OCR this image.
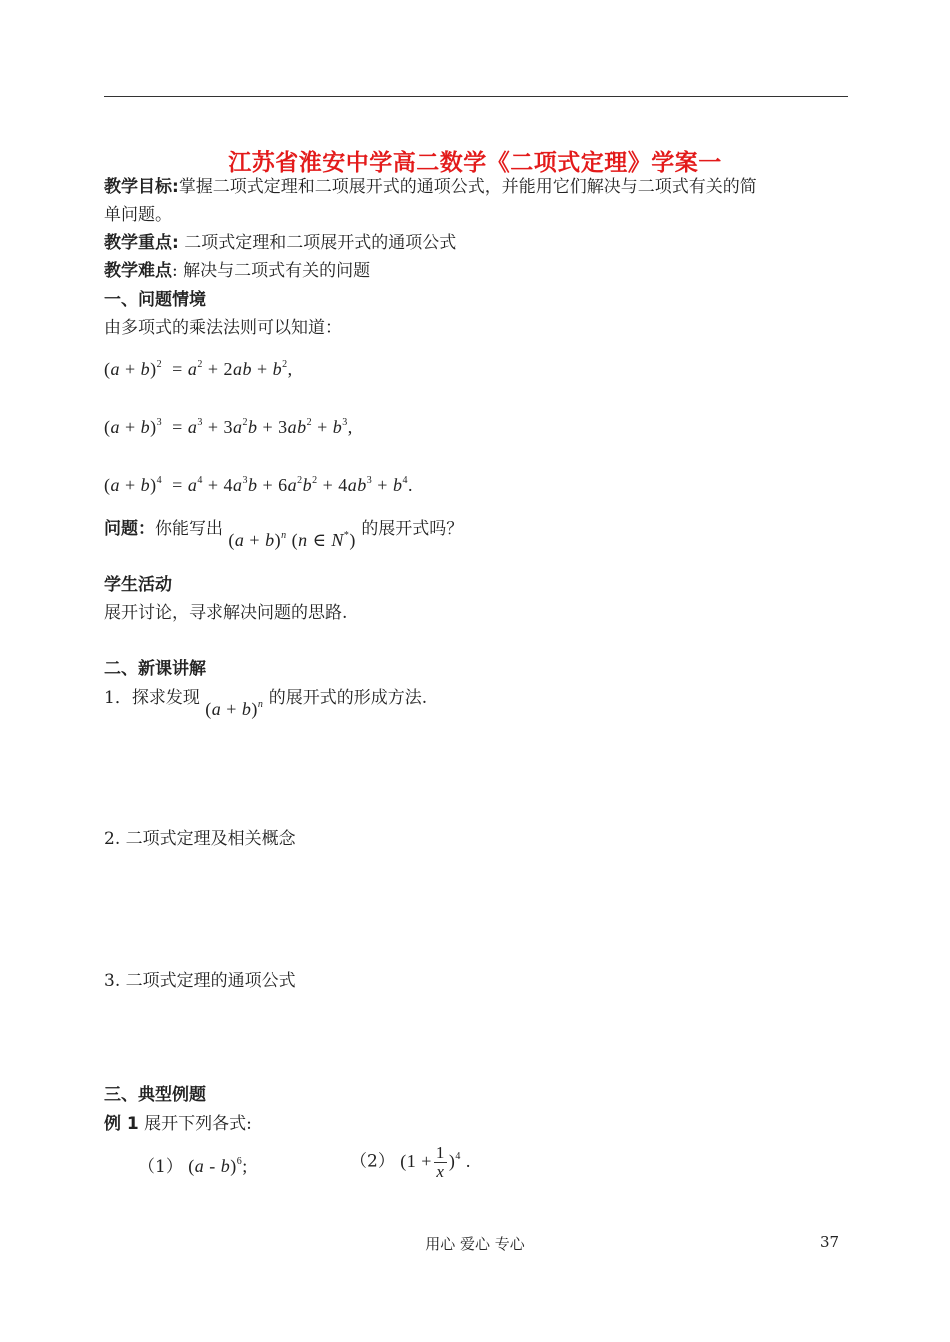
江苏省淮安中学高二数学《二项式定理》学案一
教学目标:掌握二项式定理和二项展开式的通项公式，并能用它们解决与二项式有关的简
单问题。
教学重点: 二项式定理和二项展开式的通项公式
教学难点: 解决与二项式有关的问题
一、问题情境
由多项式的乘法法则可以知道：
$(a + b)^2 = a^2 + 2ab + b^2$,
$(a + b)^3 = a^3 + 3a^2b + 3ab^2 + b^3$,
$(a + b)^4 = a^4 + 4a^3b + 6a^2b^2 + 4ab^3 + b^4$.
问题：你能写出 $(a + b)^n$ (n ∈ N*) 的展开式吗？
学生活动
展开讨论，寻求解决问题的思路.
二、新课讲解
1．探求发现 $(a + b)^n$ 的展开式的形成方法.
2. 二项式定理及相关概念
3. 二项式定理的通项公式
三、典型例题
例 1 展开下列各式:
（1） (a - b)$^6$;	（2） $(1 + \frac{1}{x} )^4$ .
用心 爱心 专心	37
